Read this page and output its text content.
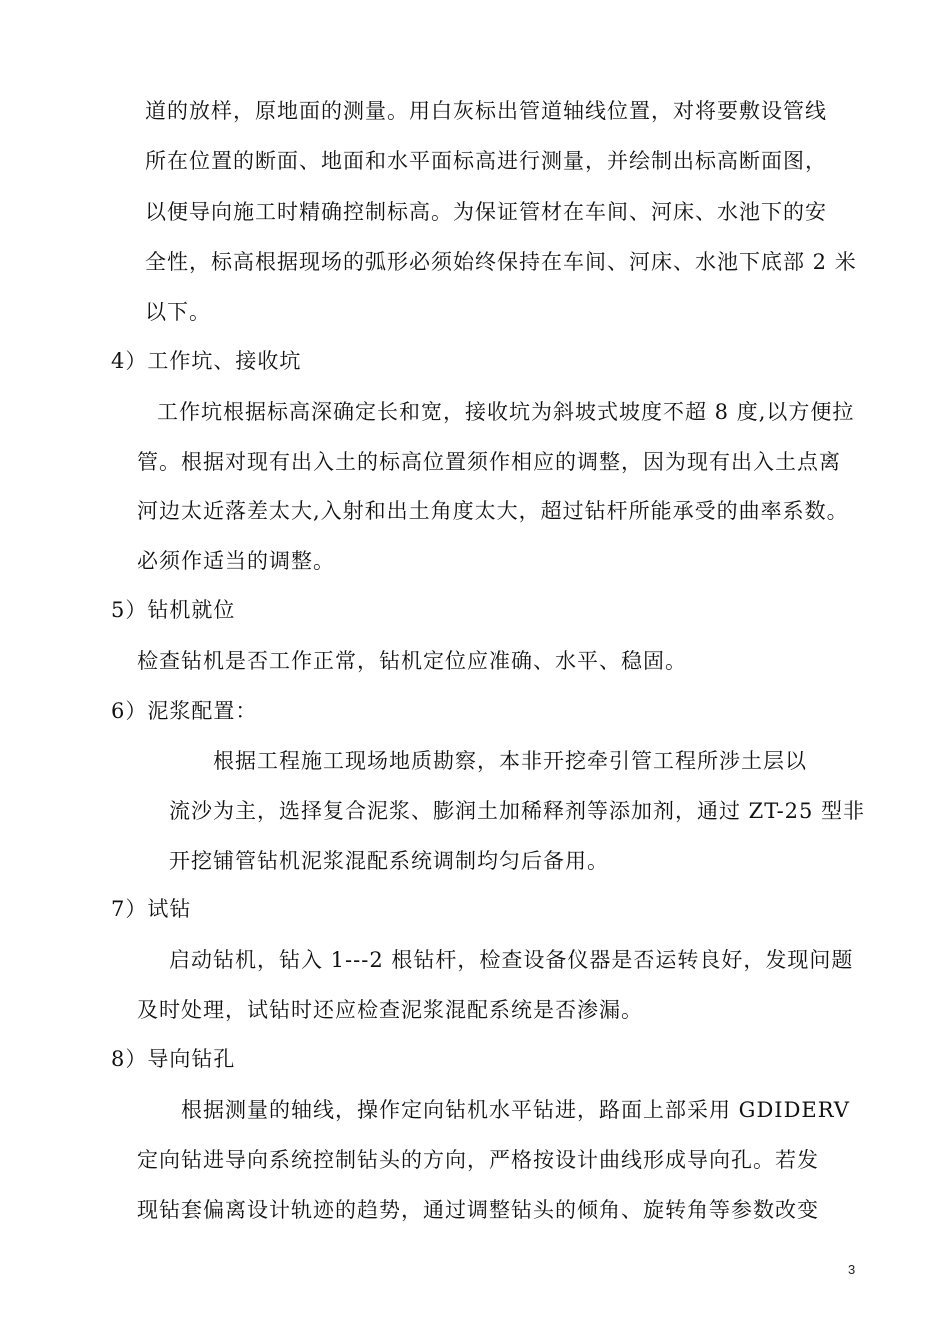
道的放样，原地面的测量。用白灰标出管道轴线位置，对将要敷设管线
所在位置的断面、地面和水平面标高进行测量，并绘制出标高断面图，
以便导向施工时精确控制标高。为保证管材在车间、河床、水池下的安
全性，标高根据现场的弧形必须始终保持在车间、河床、水池下底部 2 米
以下。
4）工作坑、接收坑
工作坑根据标高深确定长和宽，接收坑为斜坡式坡度不超 8 度,以方便拉
管。根据对现有出入土的标高位置须作相应的调整，因为现有出入土点离
河边太近落差太大,入射和出土角度太大，超过钻杆所能承受的曲率系数。
必须作适当的调整。
5）钻机就位
检查钻机是否工作正常，钻机定位应准确、水平、稳固。
6）泥浆配置：
根据工程施工现场地质勘察，本非开挖牵引管工程所涉土层以
流沙为主，选择复合泥浆、膨润土加稀释剂等添加剂，通过 ZT-25 型非
开挖铺管钻机泥浆混配系统调制均匀后备用。
7）试钻
启动钻机，钻入 1---2 根钻杆，检查设备仪器是否运转良好，发现问题
及时处理，试钻时还应检查泥浆混配系统是否渗漏。
8）导向钻孔
根据测量的轴线，操作定向钻机水平钻进，路面上部采用 GDIDERV
定向钻进导向系统控制钻头的方向，严格按设计曲线形成导向孔。若发
现钻套偏离设计轨迹的趋势，通过调整钻头的倾角、旋转角等参数改变
3
